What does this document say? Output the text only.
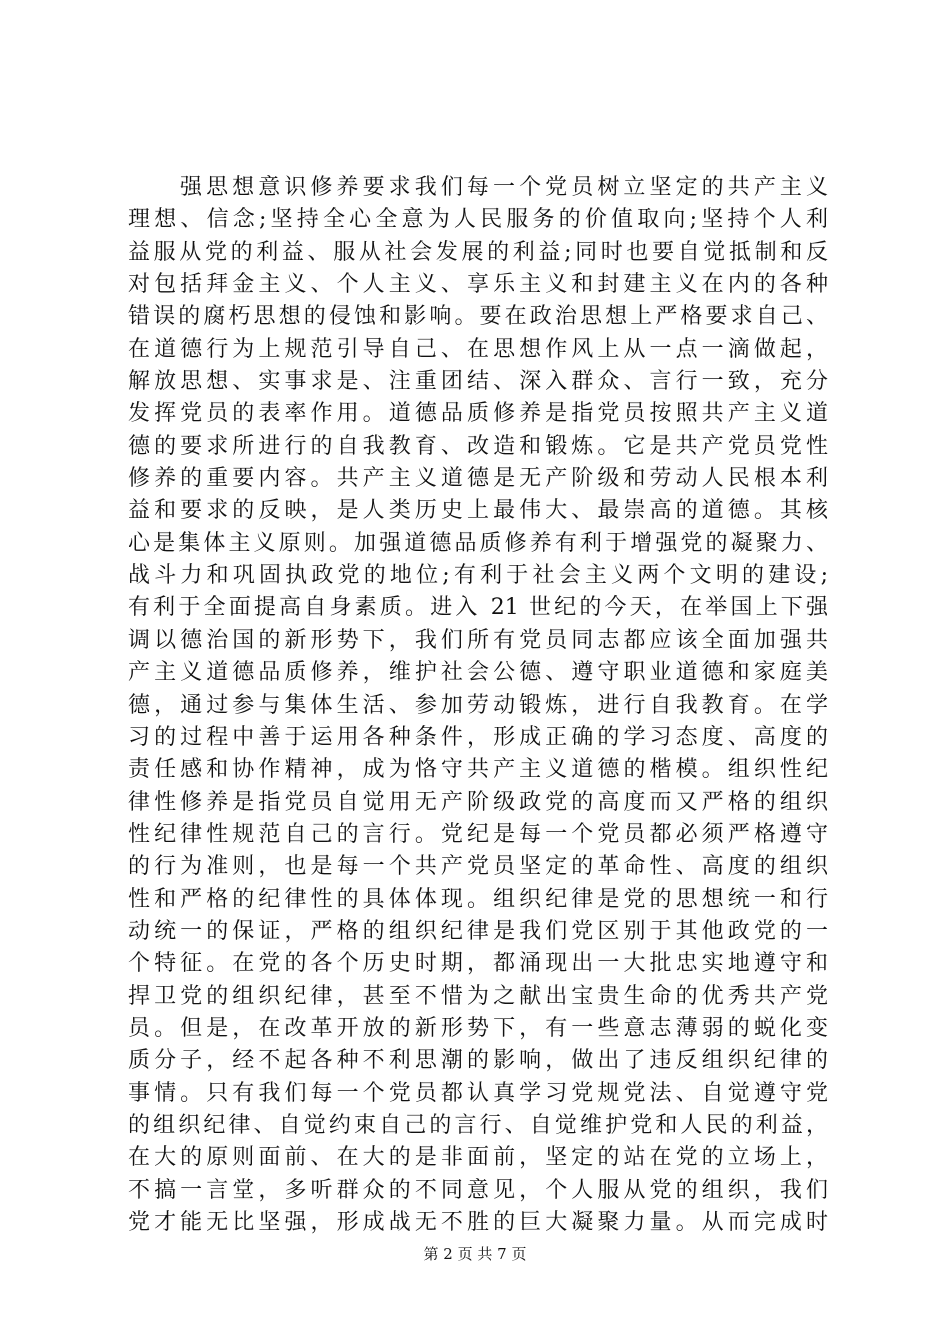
强思想意识修养要求我们每一个党员树立坚定的共产主义
理想、信念;坚持全心全意为人民服务的价值取向;坚持个人利
益服从党的利益、服从社会发展的利益;同时也要自觉抵制和反
对包括拜金主义、个人主义、享乐主义和封建主义在内的各种
错误的腐朽思想的侵蚀和影响。要在政治思想上严格要求自己、
在道德行为上规范引导自己、在思想作风上从一点一滴做起，
解放思想、实事求是、注重团结、深入群众、言行一致，充分
发挥党员的表率作用。道德品质修养是指党员按照共产主义道
德的要求所进行的自我教育、改造和锻炼。它是共产党员党性
修养的重要内容。共产主义道德是无产阶级和劳动人民根本利
益和要求的反映，是人类历史上最伟大、最崇高的道德。其核
心是集体主义原则。加强道德品质修养有利于增强党的凝聚力、
战斗力和巩固执政党的地位;有利于社会主义两个文明的建设;
有利于全面提高自身素质。进入 21 世纪的今天，在举国上下强
调以德治国的新形势下，我们所有党员同志都应该全面加强共
产主义道德品质修养，维护社会公德、遵守职业道德和家庭美
德，通过参与集体生活、参加劳动锻炼，进行自我教育。在学
习的过程中善于运用各种条件，形成正确的学习态度、高度的
责任感和协作精神，成为恪守共产主义道德的楷模。组织性纪
律性修养是指党员自觉用无产阶级政党的高度而又严格的组织
性纪律性规范自己的言行。党纪是每一个党员都必须严格遵守
的行为准则，也是每一个共产党员坚定的革命性、高度的组织
性和严格的纪律性的具体体现。组织纪律是党的思想统一和行
动统一的保证，严格的组织纪律是我们党区别于其他政党的一
个特征。在党的各个历史时期，都涌现出一大批忠实地遵守和
捍卫党的组织纪律，甚至不惜为之献出宝贵生命的优秀共产党
员。但是，在改革开放的新形势下，有一些意志薄弱的蜕化变
质分子，经不起各种不利思潮的影响，做出了违反组织纪律的
事情。只有我们每一个党员都认真学习党规党法、自觉遵守党
的组织纪律、自觉约束自己的言行、自觉维护党和人民的利益，
在大的原则面前、在大的是非面前，坚定的站在党的立场上，
不搞一言堂，多听群众的不同意见，个人服从党的组织，我们
党才能无比坚强，形成战无不胜的巨大凝聚力量。从而完成时
第 2 页 共 7 页
